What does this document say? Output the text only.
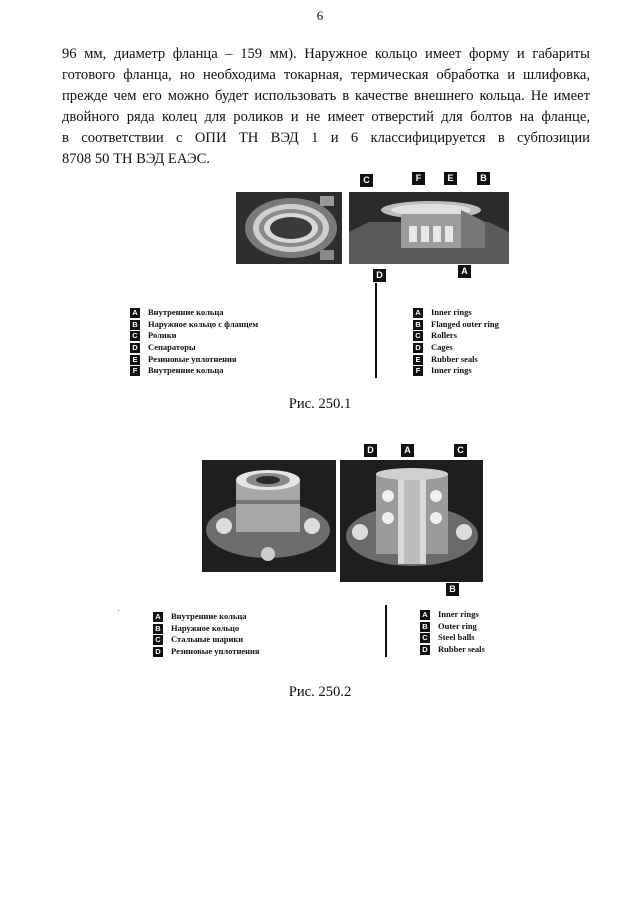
6
96 мм, диаметр фланца – 159 мм). Наружное кольцо имеет форму и габариты
готового фланца, но необходима токарная, термическая обработка и шлифовка,
прежде чем его можно будет использовать в качестве внешнего кольца. Не имеет
двойного ряда колец для роликов и не имеет отверстий для болтов на фланце,
в соответствии с ОПИ ТН ВЭД 1 и 6 классифицируется в субпозиции
8708 50 ТН ВЭД ЕАЭС.
C	F	E	B
D	A
A Внутренние кольца
B Наружное кольцо с фланцем
C Ролики
D Сепараторы
E Резиновые уплотнения
F	Внутренние кольца
A Inner rings
B Flanged outer ring
C Rollers
D Cages
E Rubber seals
F	Inner rings
Рис. 250.1
D	A	C
B
A Внутренние кольца
B Наружное кольцо
C Стальные шарики
D Резиновые уплотнения
A Inner rings
B Outer ring
C Steel balls
D Rubber seals
Рис. 250.2
